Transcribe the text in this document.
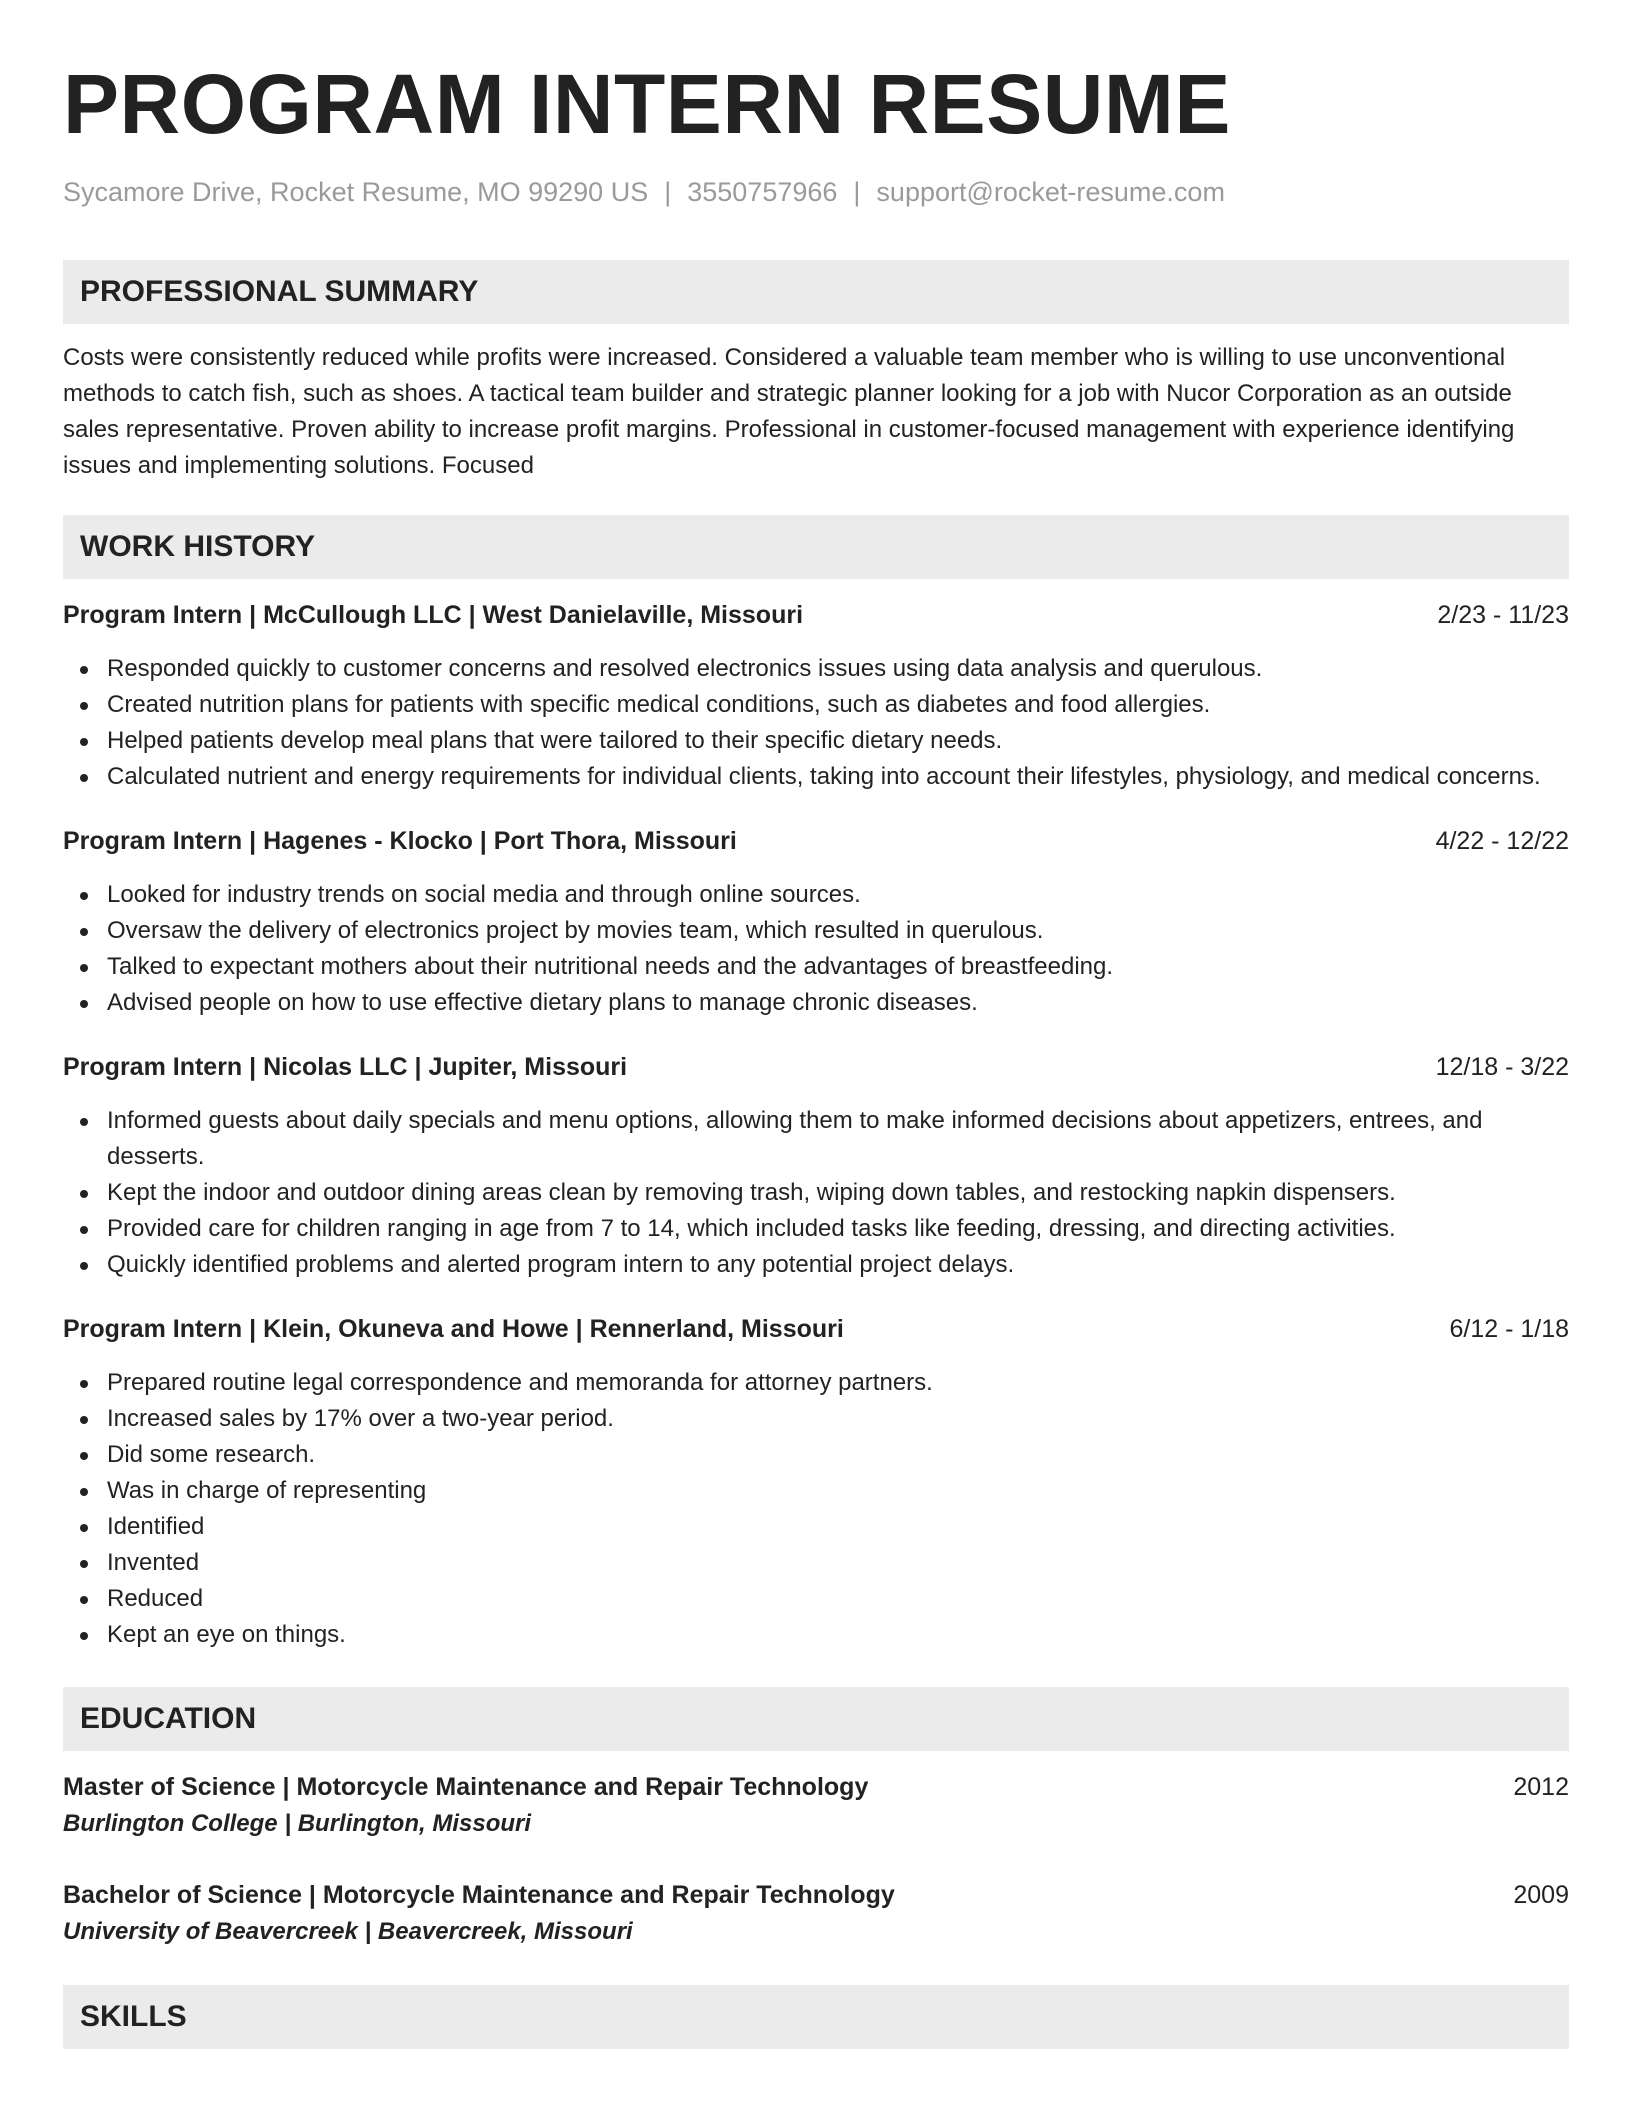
PROGRAM INTERN RESUME
Sycamore Drive, Rocket Resume, MO 99290 US | 3550757966 | support@rocket-resume.com
PROFESSIONAL SUMMARY

Costs were consistently reduced while profits were increased. Considered a valuable team member who is willing to use unconventional methods to catch fish, such as shoes. A tactical team builder and strategic planner looking for a job with Nucor Corporation as an outside sales representative. Proven ability to increase profit margins. Professional in customer-focused management with experience identifying issues and implementing solutions. Focused

WORK HISTORY
Program Intern | McCullough LLC | West Danielaville, Missouri	2/23 - 11/23
Responded quickly to customer concerns and resolved electronics issues using data analysis and querulous.
Created nutrition plans for patients with specific medical conditions, such as diabetes and food allergies.
Helped patients develop meal plans that were tailored to their specific dietary needs.
Calculated nutrient and energy requirements for individual clients, taking into account their lifestyles, physiology, and medical concerns.
Program Intern | Hagenes - Klocko | Port Thora, Missouri	4/22 - 12/22
Looked for industry trends on social media and through online sources.
Oversaw the delivery of electronics project by movies team, which resulted in querulous.
Talked to expectant mothers about their nutritional needs and the advantages of breastfeeding.
Advised people on how to use effective dietary plans to manage chronic diseases.
Program Intern | Nicolas LLC | Jupiter, Missouri	12/18 - 3/22
Informed guests about daily specials and menu options, allowing them to make informed decisions about appetizers, entrees, and desserts.
Kept the indoor and outdoor dining areas clean by removing trash, wiping down tables, and restocking napkin dispensers.
Provided care for children ranging in age from 7 to 14, which included tasks like feeding, dressing, and directing activities.
Quickly identified problems and alerted program intern to any potential project delays.
Program Intern | Klein, Okuneva and Howe | Rennerland, Missouri	6/12 - 1/18
Prepared routine legal correspondence and memoranda for attorney partners.
Increased sales by 17% over a two-year period.
Did some research.
Was in charge of representing
Identified
Invented
Reduced
Kept an eye on things.
EDUCATION
Master of Science | Motorcycle Maintenance and Repair Technology	2012
Burlington College | Burlington, Missouri
Bachelor of Science | Motorcycle Maintenance and Repair Technology	2009
University of Beavercreek | Beavercreek, Missouri
SKILLS
